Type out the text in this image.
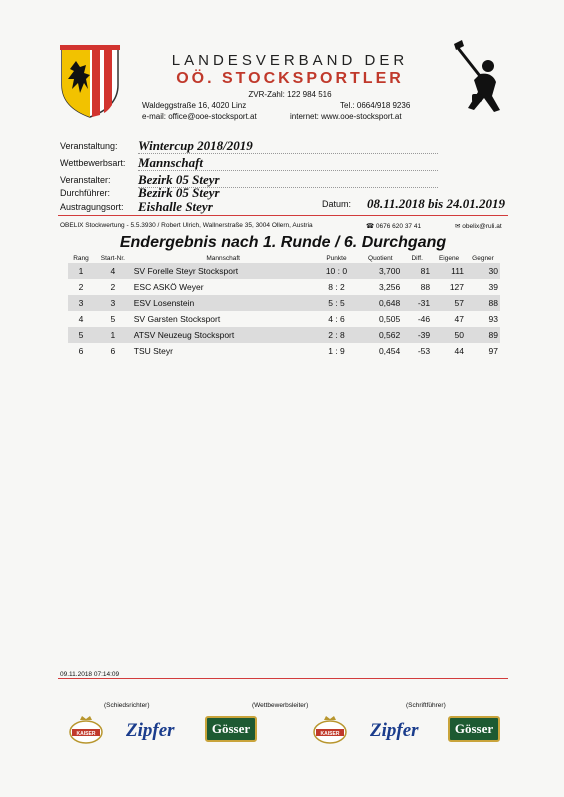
LANDESVERBAND DER
OÖ. STOCKSPORTLER
ZVR-Zahl: 122 984 516
Waldeggstraße 16, 4020 Linz	Tel.: 0664/918 9236
e-mail: office@ooe-stocksport.at	internet: www.ooe-stocksport.at
Veranstaltung: Wintercup 2018/2019
Wettbewerbsart: Mannschaft
Veranstalter: Bezirk 05 Steyr
Durchführer: Bezirk 05 Steyr
Austragungsort: Eishalle Steyr	Datum: 08.11.2018 bis 24.01.2019
OBELIX Stockwertung - 5.5.3930 / Robert Ulrich, Wallnerstraße 35, 3004 Ollern, Austria	☎ 0676 620 37 41	✉ obelix@ruli.at
Endergebnis nach 1. Runde / 6. Durchgang
Rang	Start-Nr.	Mannschaft	Punkte	Quotient	Diff.	Eigene	Gegner
1	4	SV Forelle Steyr Stocksport	10 : 0	3,700	81	111	30
2	2	ESC ASKÖ Weyer	8 : 2	3,256	88	127	39
3	3	ESV Losenstein	5 : 5	0,648	-31	57	88
4	5	SV Garsten Stocksport	4 : 6	0,505	-46	47	93
5	1	ATSV Neuzeug Stocksport	2 : 8	0,562	-39	50	89
6	6	TSU Steyr	1 : 9	0,454	-53	44	97
09.11.2018 07:14:09
(Schiedsrichter)	(Wettbewerbsleiter)	(Schriftführer)
KAISER Zipfer	Gösser	KAISER Zipfer	Gösser
